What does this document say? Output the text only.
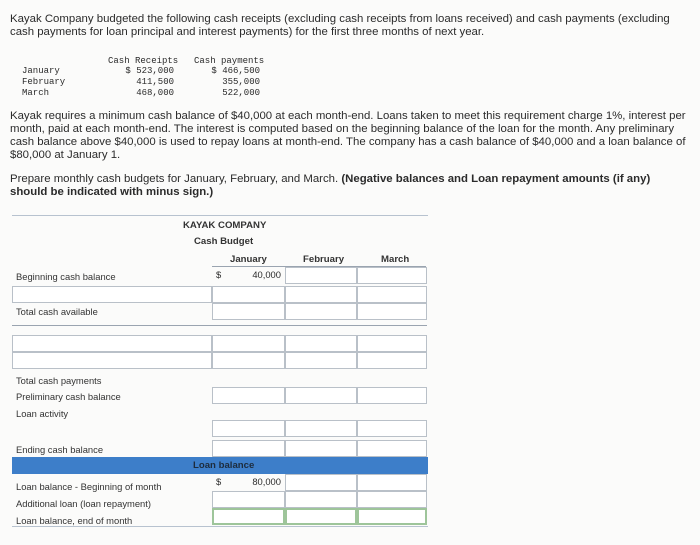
Kayak Company budgeted the following cash receipts (excluding cash receipts from loans received) and cash payments (excluding cash payments for loan principal and interest payments) for the first three months of next year.
Cash Receipts Cash payments
January	$ 523,000	$ 466,500
February	411,500	355,000
March	468,000	522,000
Kayak requires a minimum cash balance of $40,000 at each month-end. Loans taken to meet this requirement charge 1%, interest per month, paid at each month-end. The interest is computed based on the beginning balance of the loan for the month. Any preliminary cash balance above $40,000 is used to repay loans at month-end. The company has a cash balance of $40,000 and a loan balance of $80,000 at January 1.
Prepare monthly cash budgets for January, February, and March. (Negative balances and Loan repayment amounts (if any) should be indicated with minus sign.)
KAYAK COMPANY
Cash Budget
January	February	March
Beginning cash balance	$	40,000
Total cash available
Total cash payments
Preliminary cash balance
Loan activity
Ending cash balance
Loan balance
Loan balance - Beginning of month	$	80,000
Additional loan (loan repayment)
Loan balance, end of month
